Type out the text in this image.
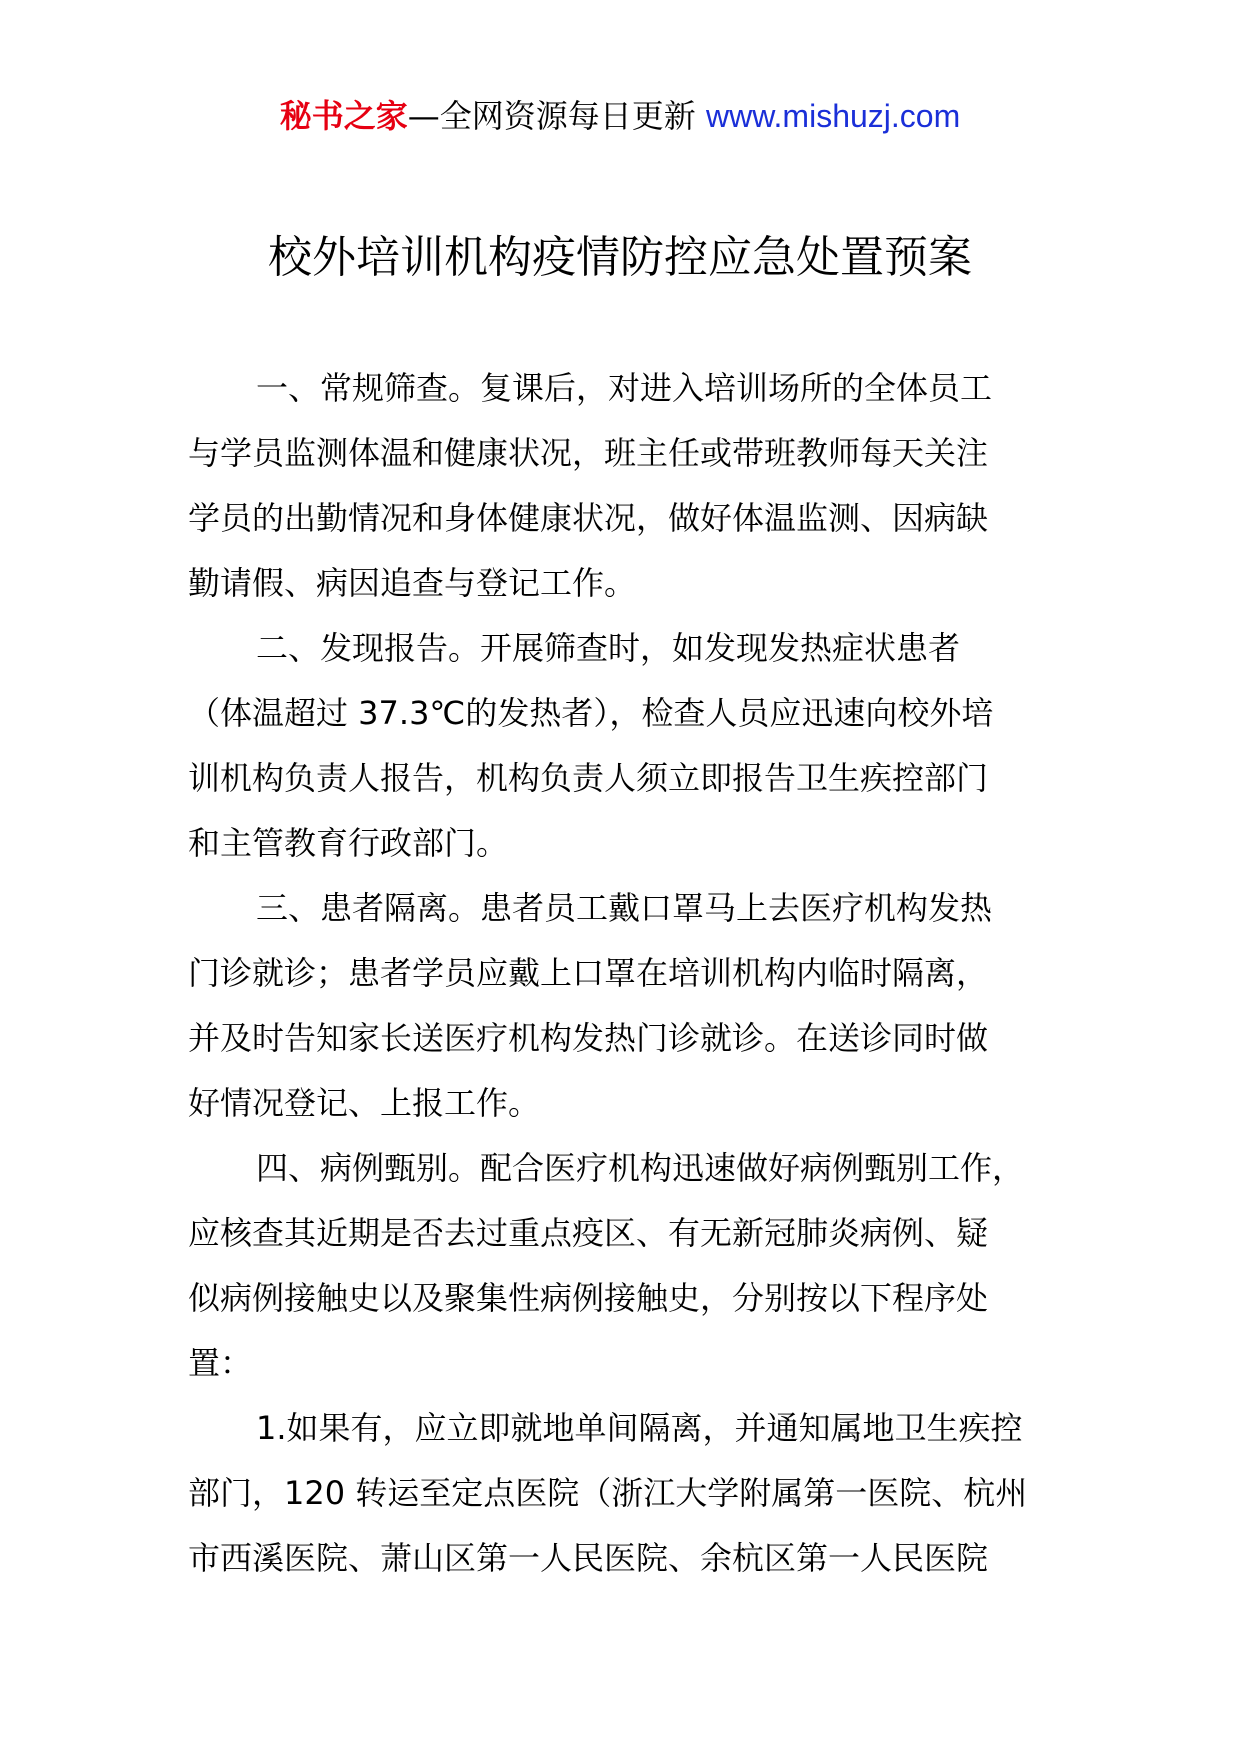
秘书之家—全网资源每日更新 www.mishuzj.com
校外培训机构疫情防控应急处置预案
一、常规筛查。复课后，对进入培训场所的全体员工
与学员监测体温和健康状况，班主任或带班教师每天关注
学员的出勤情况和身体健康状况，做好体温监测、因病缺
勤请假、病因追查与登记工作。
二、发现报告。开展筛查时，如发现发热症状患者
（体温超过 37.3℃的发热者），检查人员应迅速向校外培
训机构负责人报告，机构负责人须立即报告卫生疾控部门
和主管教育行政部门。
三、患者隔离。患者员工戴口罩马上去医疗机构发热
门诊就诊；患者学员应戴上口罩在培训机构内临时隔离，
并及时告知家长送医疗机构发热门诊就诊。在送诊同时做
好情况登记、上报工作。
四、病例甄别。配合医疗机构迅速做好病例甄别工作，
应核查其近期是否去过重点疫区、有无新冠肺炎病例、疑
似病例接触史以及聚集性病例接触史，分别按以下程序处
置：
1.如果有，应立即就地单间隔离，并通知属地卫生疾控
部门，120 转运至定点医院（浙江大学附属第一医院、杭州
市西溪医院、萧山区第一人民医院、余杭区第一人民医院
